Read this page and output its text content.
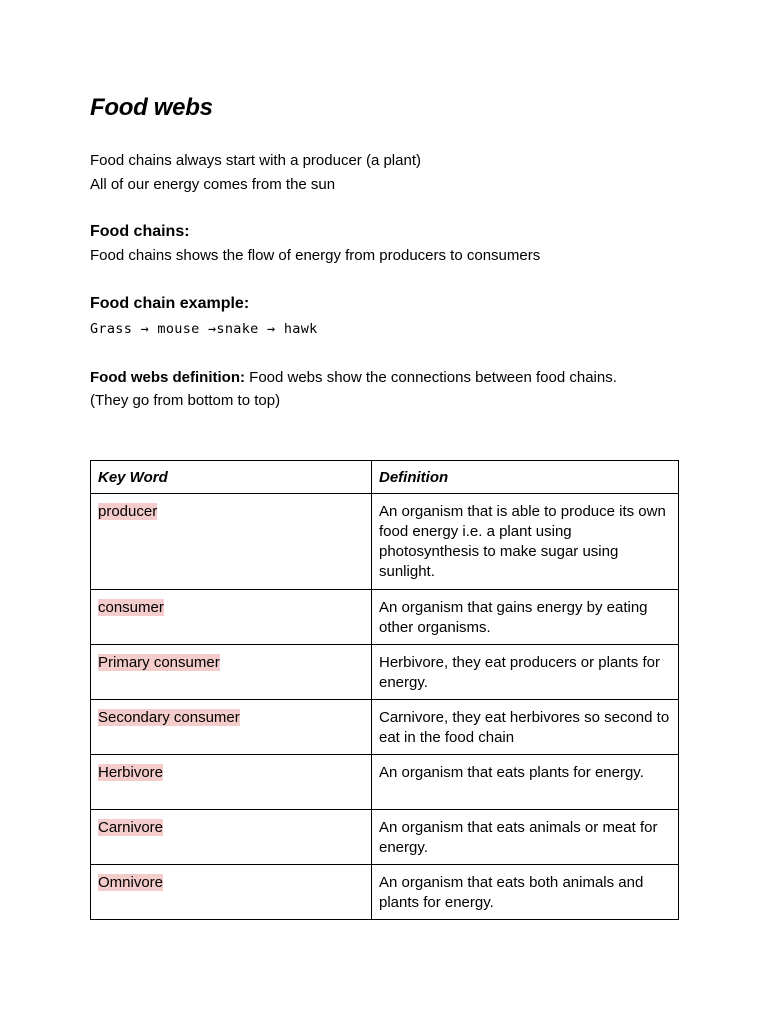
Food webs
Food chains always start with a producer (a plant)
All of our energy comes from the sun
Food chains:
Food chains shows the flow of energy from producers to consumers
Food chain example:
Grass → mouse →snake → hawk
Food webs definition: Food webs show the connections between food chains.
(They go from bottom to top)
Key Word	Definition
producer	An organism that is able to produce its own food energy i.e. a plant using photosynthesis to make sugar using sunlight.
consumer	An organism that gains energy by eating other organisms.
Primary consumer	Herbivore, they eat producers or plants for energy.
Secondary consumer	Carnivore, they eat herbivores so second to eat in the food chain
Herbivore	An organism that eats plants for energy.
Carnivore	An organism that eats animals or meat for energy.
Omnivore	An organism that eats both animals and plants for energy.
